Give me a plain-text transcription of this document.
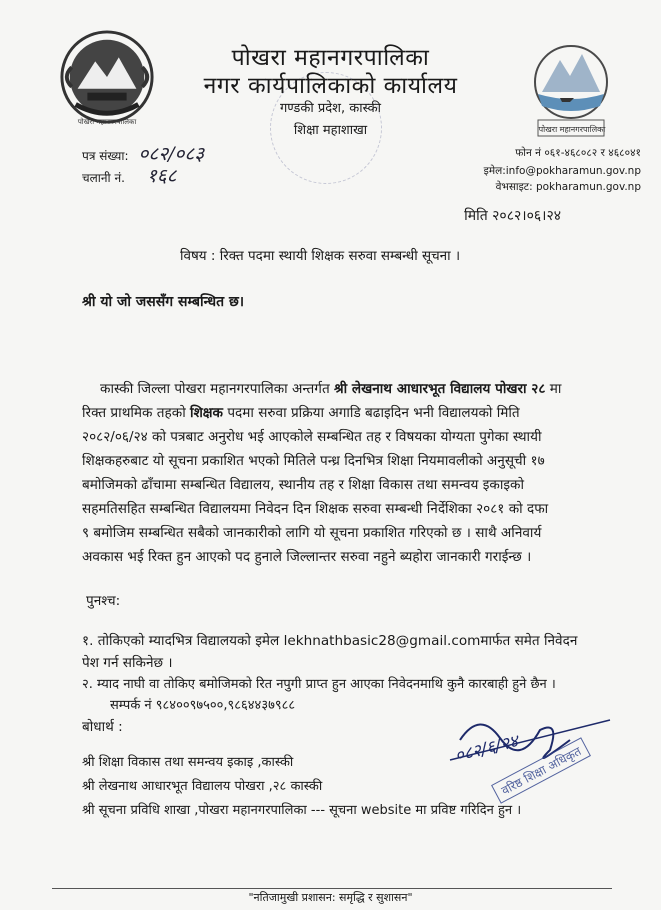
पोखरा महानगरपालिका
पोखरा महानगरपालिका
पोखरा महानगरपालिका
नगर कार्यपालिकाको कार्यालय
गण्डकी प्रदेश, कास्की
शिक्षा महाशाखा
पत्र संख्या: ०८२/०८३
चलानी नं. १६८
फोन नं ०६१-४६८०८२ र ४६८०४१
इमेल:info@pokharamun.gov.np
वेभसाइट: pokharamun.gov.np
मिति २०८२।०६।२४
विषय : रिक्त पदमा स्थायी शिक्षक सरुवा सम्बन्धी सूचना ।
श्री यो जो जससँग सम्बन्धित छ।
कास्की जिल्ला पोखरा महानगरपालिका अन्तर्गत श्री लेखनाथ आधारभूत विद्यालय पोखरा २८ मा
रिक्त प्राथमिक तहको शिक्षक पदमा सरुवा प्रक्रिया अगाडि बढाइदिन भनी विद्यालयको मिति
२०८२/०६/२४ को पत्रबाट अनुरोध भई आएकोले सम्बन्धित तह र विषयका योग्यता पुगेका स्थायी
शिक्षकहरुबाट यो सूचना प्रकाशित भएको मितिले पन्ध्र दिनभित्र शिक्षा नियमावलीको अनुसूची १७
बमोजिमको ढाँचामा सम्बन्धित विद्यालय, स्थानीय तह र शिक्षा विकास तथा समन्वय इकाइको
सहमतिसहित सम्बन्धित विद्यालयमा निवेदन दिन शिक्षक सरुवा सम्बन्धी निर्देशिका २०८१ को दफा
९ बमोजिम सम्बन्धित सबैको जानकारीको लागि यो सूचना प्रकाशित गरिएको छ । साथै अनिवार्य
अवकास भई रिक्त हुन आएको पद हुनाले जिल्लान्तर सरुवा नहुने ब्यहोरा जानकारी गराईन्छ ।
पुनश्च:
१. तोकिएको म्यादभित्र विद्यालयको इमेल lekhnathbasic28@gmail.comमार्फत समेत निवेदन
पेश गर्न सकिनेछ ।
२. म्याद नाघी वा तोकिए बमोजिमको रित नपुगी प्राप्त हुन आएका निवेदनमाथि कुनै कारबाही हुने छैन ।
सम्पर्क नं ९८४००९७५००,९८६४४३७९८८
बोधार्थ :
श्री शिक्षा विकास तथा समन्वय इकाइ ,कास्की
श्री लेखनाथ आधारभूत विद्यालय पोखरा ,२८ कास्की
श्री सूचना प्रविधि शाखा ,पोखरा महानगरपालिका --- सूचना website मा प्रविष्ट गरिदिन हुन ।
०८२/६/२४
वरिष्ठ शिक्षा अधिकृत
"नतिजामुखी प्रशासन: समृद्धि र सुशासन"
